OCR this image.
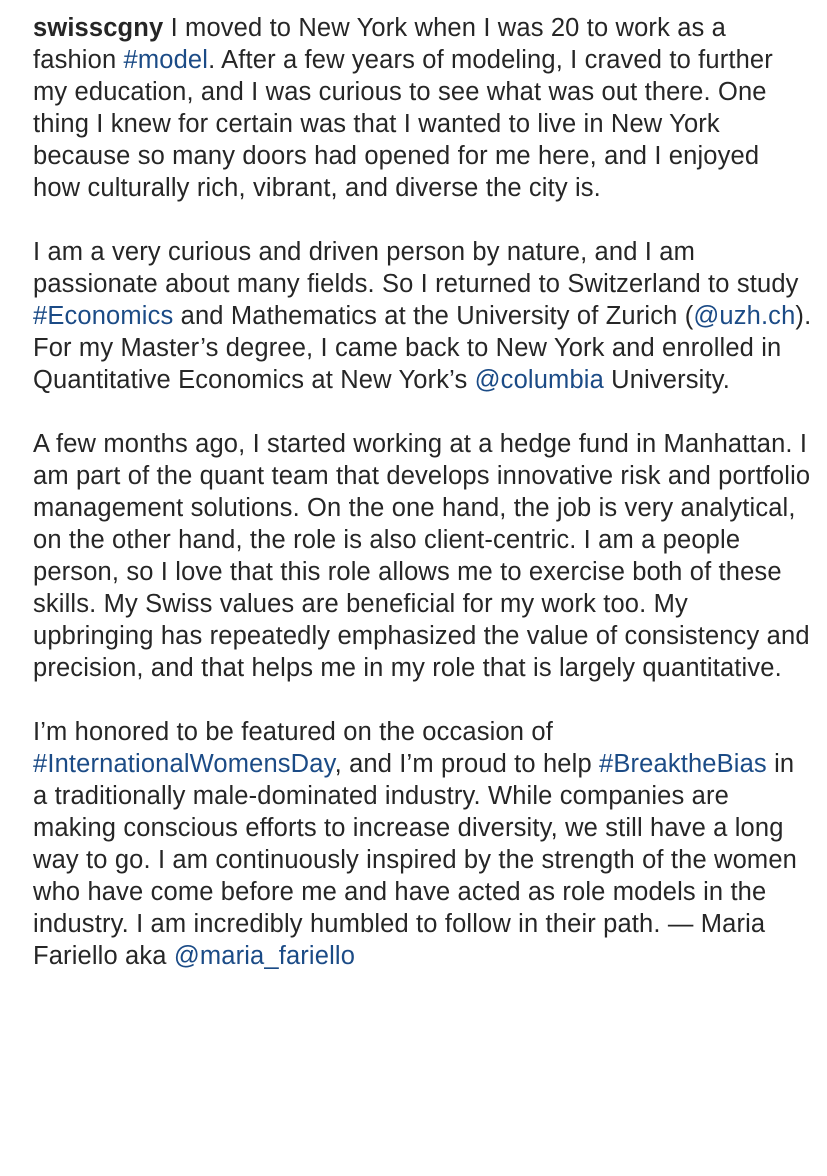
swisscgny I moved to New York when I was 20 to work as a fashion #model. After a few years of modeling, I craved to further my education, and I was curious to see what was out there. One thing I knew for certain was that I wanted to live in New York because so many doors had opened for me here, and I enjoyed how culturally rich, vibrant, and diverse the city is.

I am a very curious and driven person by nature, and I am passionate about many fields. So I returned to Switzerland to study #Economics and Mathematics at the University of Zurich (@uzh.ch). For my Master’s degree, I came back to New York and enrolled in Quantitative Economics at New York’s @columbia University.

A few months ago, I started working at a hedge fund in Manhattan. I am part of the quant team that develops innovative risk and portfolio management solutions. On the one hand, the job is very analytical, on the other hand, the role is also client-centric. I am a people person, so I love that this role allows me to exercise both of these skills. My Swiss values are beneficial for my work too. My upbringing has repeatedly emphasized the value of consistency and precision, and that helps me in my role that is largely quantitative.

I’m honored to be featured on the occasion of #InternationalWomensDay, and I’m proud to help #BreaktheBias in a traditionally male-dominated industry. While companies are making conscious efforts to increase diversity, we still have a long way to go. I am continuously inspired by the strength of the women who have come before me and have acted as role models in the industry. I am incredibly humbled to follow in their path. — Maria Fariello aka @maria_fariello
